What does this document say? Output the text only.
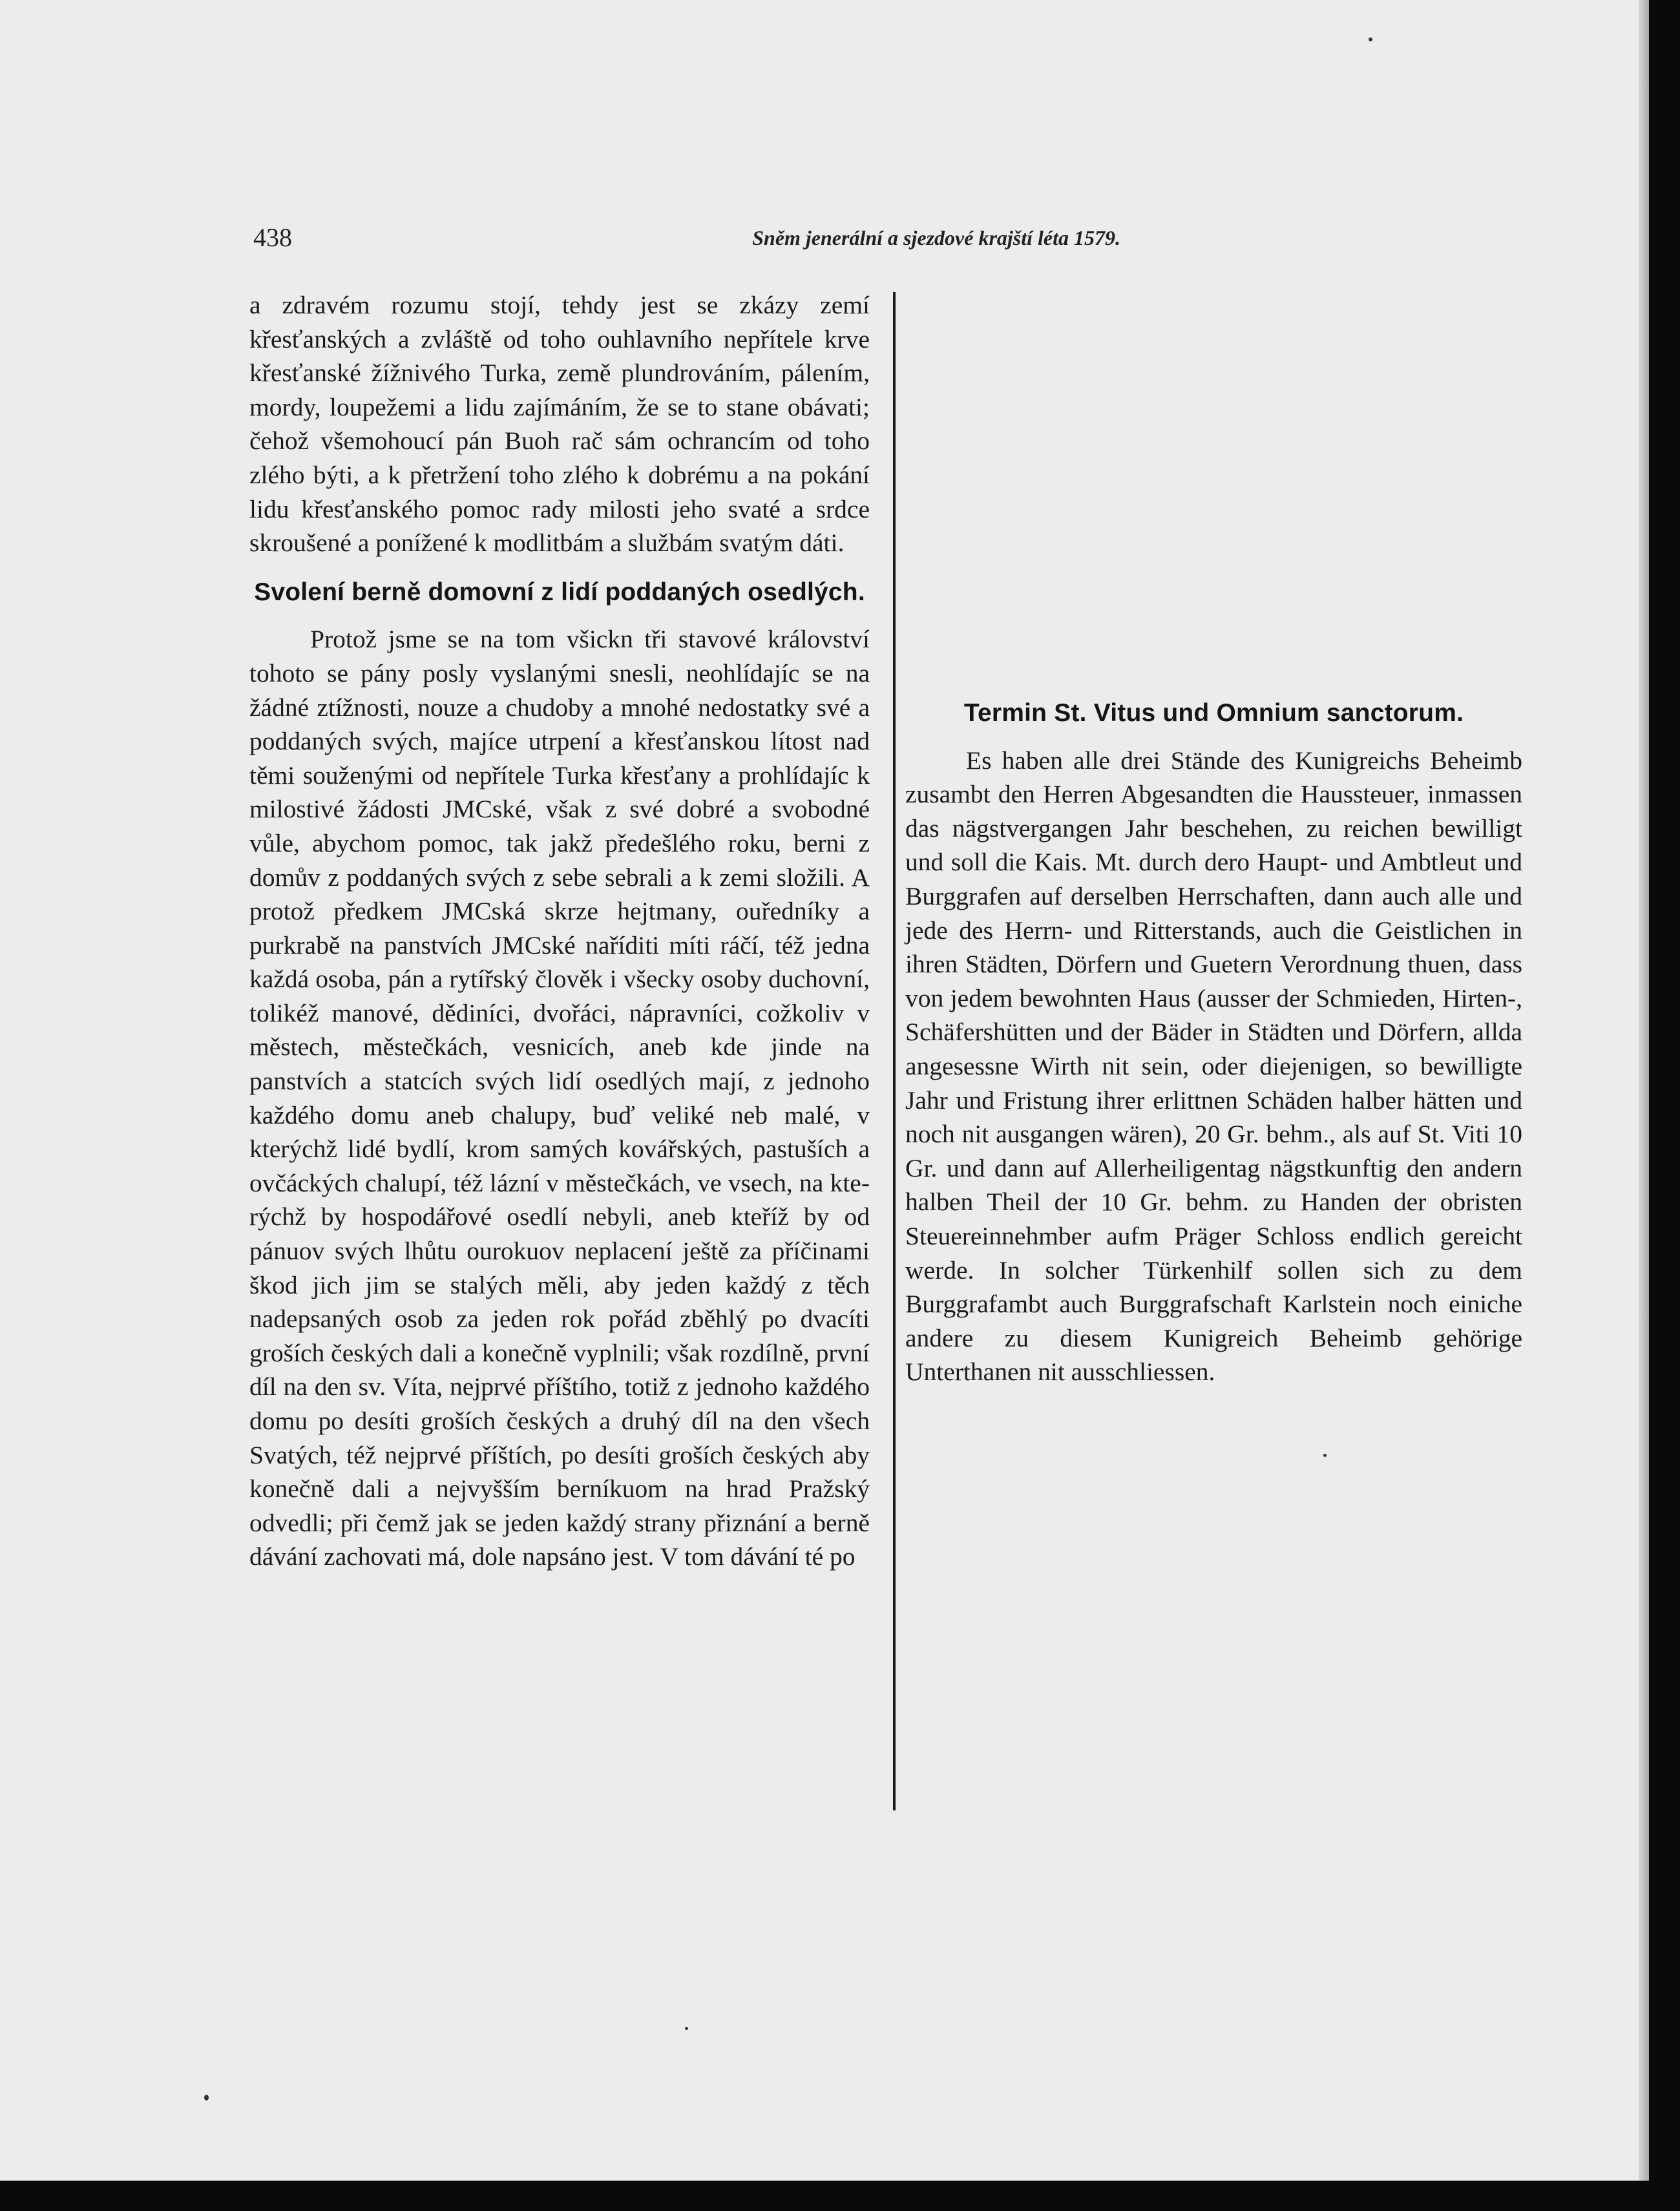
438	Sněm jenerální a sjezdové krajští léta 1579.

a zdravém rozumu stojí, tehdy jest se zkázy zemí křesťanských a zvláště od toho ouhlavního nepřítele krve křesťanské žížnivého Turka, země plundrováním, pálením, mordy, loupežemi a lidu zajímáním, že se to stane obávati; čehož všemohoucí pán Buoh rač sám ochrancím od toho zlého býti, a k přetržení toho zlého k dobrému a na pokání lidu křesťanského pomoc rady milosti jeho svaté a srdce skroušené a ponížené k modlitbám a službám svatým dáti.

Svolení berně domovní z lidí poddaných osedlých.

Protož jsme se na tom všickn tři stavové království tohoto se pány posly vyslanými snesli, neohlídajíc se na žádné ztížnosti, nouze a chudoby a mnohé nedostatky své a poddaných svých, majíce utrpení a křesťanskou lítost nad těmi souženými od nepřítele Turka křesťany a prohlídajíc k milostivé žádosti JMCské, však z své dobré a svobodné vůle, abychom pomoc, tak jakž předešlého roku, berni z domův z poddaných svých z sebe sebrali a k zemi složili. A protož předkem JMCská skrze hejtmany, ouředníky a purkrabě na panstvích JMCské naříditi míti ráčí, též jedna každá osoba, pán a rytířský člověk i všecky osoby duchovní, tolikéž manové, dědiníci, dvořáci, nápravníci, cožkoliv v městech, městečkách, vesnicích, aneb kde jinde na panstvích a statcích svých lidí osedlých mají, z jednoho každého domu aneb chalupy, buď veliké neb malé, v kterýchž lidé bydlí, krom samých kovářských, pastuších a ovčáckých chalupí, též lázní v městečkách, ve vsech, na kterýchž by hospodářové osedlí nebyli, aneb kteříž by od pánuov svých lhůtu ourokuov neplacení ještě za příčinami škod jich jim se stalých měli, aby jeden každý z těch nadepsaných osob za jeden rok pořád zběhlý po dvacíti groších českých dali a konečně vyplnili; však rozdílně, první díl na den sv. Víta, nejprvé příštího, totiž z jednoho každého domu po desíti groších českých a druhý díl na den všech Svatých, též nejprvé příštích, po desíti groších českých aby konečně dali a nejvyšším berníkuom na hrad Pražský odvedli; při čemž jak se jeden každý strany přiznání a berně dávání zachovati má, dole napsáno jest. V tom dávání té po

Termin St. Vitus und Omnium sanctorum.

Es haben alle drei Stände des Kunigreichs Beheimb zusambt den Herren Abgesandten die Haussteuer, inmassen das nägstvergangen Jahr beschehen, zu reichen bewilligt und soll die Kais. Mt. durch dero Haupt- und Ambtleut und Burggrafen auf derselben Herrschaften, dann auch alle und jede des Herrn- und Ritterstands, auch die Geistlichen in ihren Städten, Dörfern und Guetern Verordnung thuen, dass von jedem bewohnten Haus (ausser der Schmieden, Hirten-, Schäfershütten und der Bäder in Städten und Dörfern, allda angesessne Wirth nit sein, oder diejenigen, so bewilligte Jahr und Fristung ihrer erlittnen Schäden halber hätten und noch nit ausgangen wären), 20 Gr. behm., als auf St. Viti 10 Gr. und dann auf Allerheiligentag nägstkunftig den andern halben Theil der 10 Gr. behm. zu Handen der obristen Steuereinnehmber aufm Präger Schloss endlich gereicht werde. In solcher Türkenhilf sollen sich zu dem Burggrafambt auch Burggrafschaft Karlstein noch einiche andere zu diesem Kunigreich Beheimb gehörige Unterthanen nit ausschliessen.
